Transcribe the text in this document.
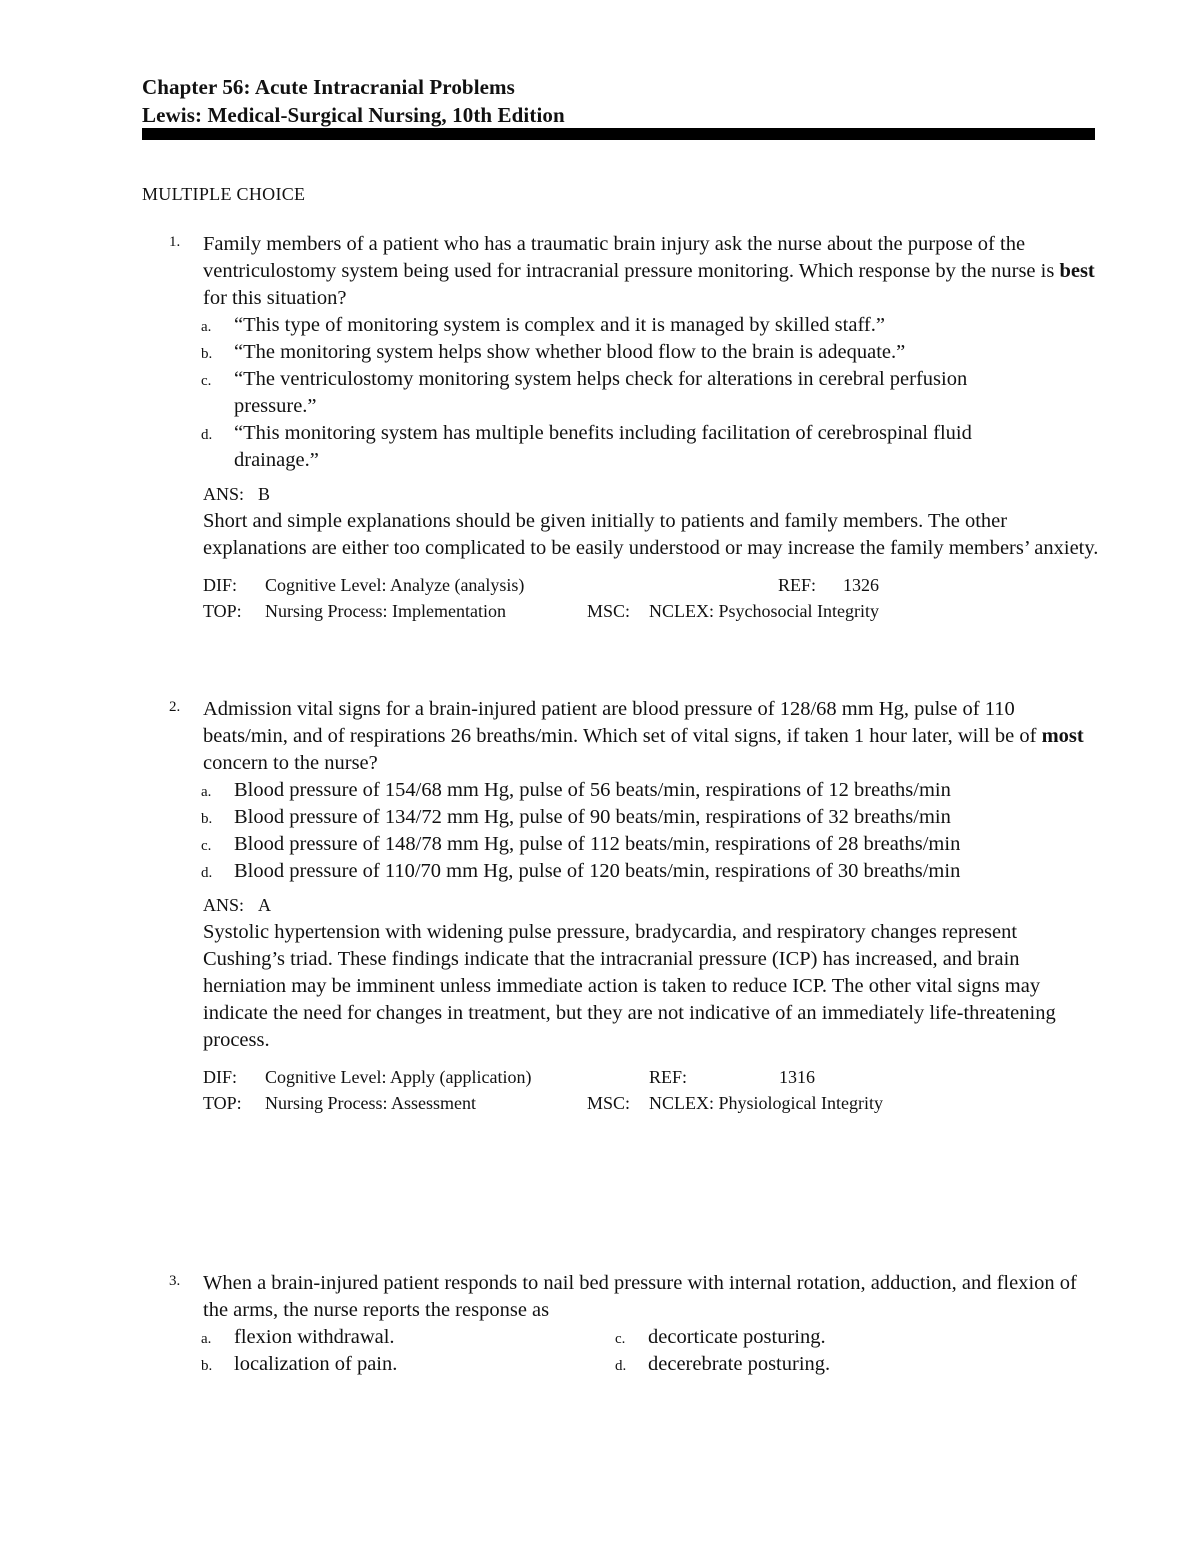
Chapter 56: Acute Intracranial Problems
Lewis: Medical-Surgical Nursing, 10th Edition
MULTIPLE CHOICE
1. Family members of a patient who has a traumatic brain injury ask the nurse about the purpose of the ventriculostomy system being used for intracranial pressure monitoring. Which response by the nurse is best for this situation?
a. “This type of monitoring system is complex and it is managed by skilled staff.”
b. “The monitoring system helps show whether blood flow to the brain is adequate.”
c. “The ventriculostomy monitoring system helps check for alterations in cerebral perfusion pressure.”
d. “This monitoring system has multiple benefits including facilitation of cerebrospinal fluid drainage.”
ANS: B
Short and simple explanations should be given initially to patients and family members. The other explanations are either too complicated to be easily understood or may increase the family members’ anxiety.
DIF: Cognitive Level: Analyze (analysis)	REF: 1326
TOP: Nursing Process: Implementation	MSC: NCLEX: Psychosocial Integrity
2. Admission vital signs for a brain-injured patient are blood pressure of 128/68 mm Hg, pulse of 110 beats/min, and of respirations 26 breaths/min. Which set of vital signs, if taken 1 hour later, will be of most concern to the nurse?
a. Blood pressure of 154/68 mm Hg, pulse of 56 beats/min, respirations of 12 breaths/min
b. Blood pressure of 134/72 mm Hg, pulse of 90 beats/min, respirations of 32 breaths/min
c. Blood pressure of 148/78 mm Hg, pulse of 112 beats/min, respirations of 28 breaths/min
d. Blood pressure of 110/70 mm Hg, pulse of 120 beats/min, respirations of 30 breaths/min
ANS: A
Systolic hypertension with widening pulse pressure, bradycardia, and respiratory changes represent Cushing’s triad. These findings indicate that the intracranial pressure (ICP) has increased, and brain herniation may be imminent unless immediate action is taken to reduce ICP. The other vital signs may indicate the need for changes in treatment, but they are not indicative of an immediately life-threatening process.
DIF: Cognitive Level: Apply (application)	REF:	1316
TOP: Nursing Process: Assessment	MSC: NCLEX: Physiological Integrity
3. When a brain-injured patient responds to nail bed pressure with internal rotation, adduction, and flexion of the arms, the nurse reports the response as
a. flexion withdrawal.
b. localization of pain.
c. decorticate posturing.
d. decerebrate posturing.
